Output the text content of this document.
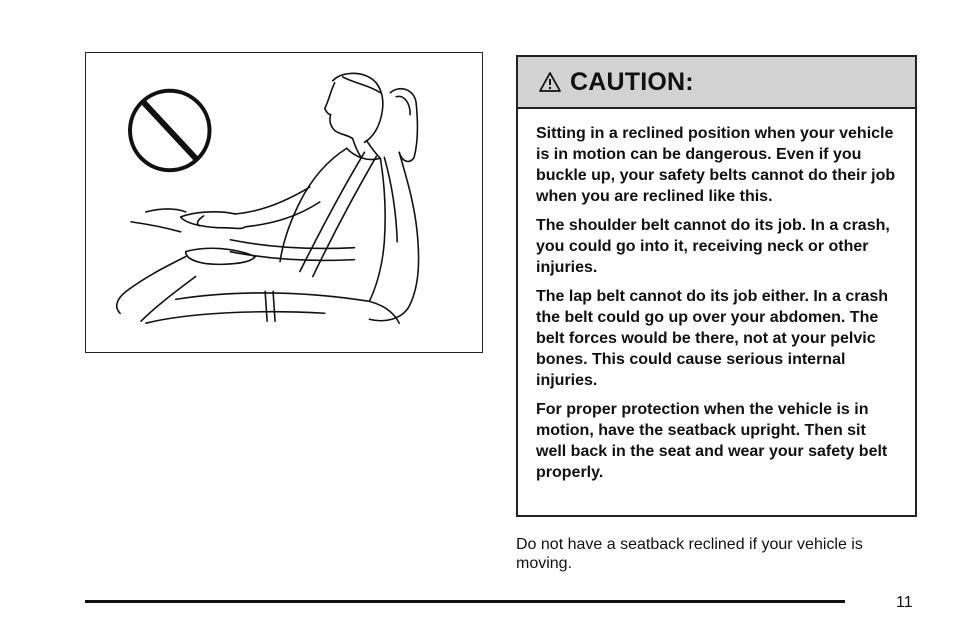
CAUTION:

Sitting in a reclined position when your vehicle is in motion can be dangerous. Even if you buckle up, your safety belts cannot do their job when you are reclined like this.

The shoulder belt cannot do its job. In a crash, you could go into it, receiving neck or other injuries.

The lap belt cannot do its job either. In a crash the belt could go up over your abdomen. The belt forces would be there, not at your pelvic bones. This could cause serious internal injuries.

For proper protection when the vehicle is in motion, have the seatback upright. Then sit well back in the seat and wear your safety belt properly.

Do not have a seatback reclined if your vehicle is moving.

11
